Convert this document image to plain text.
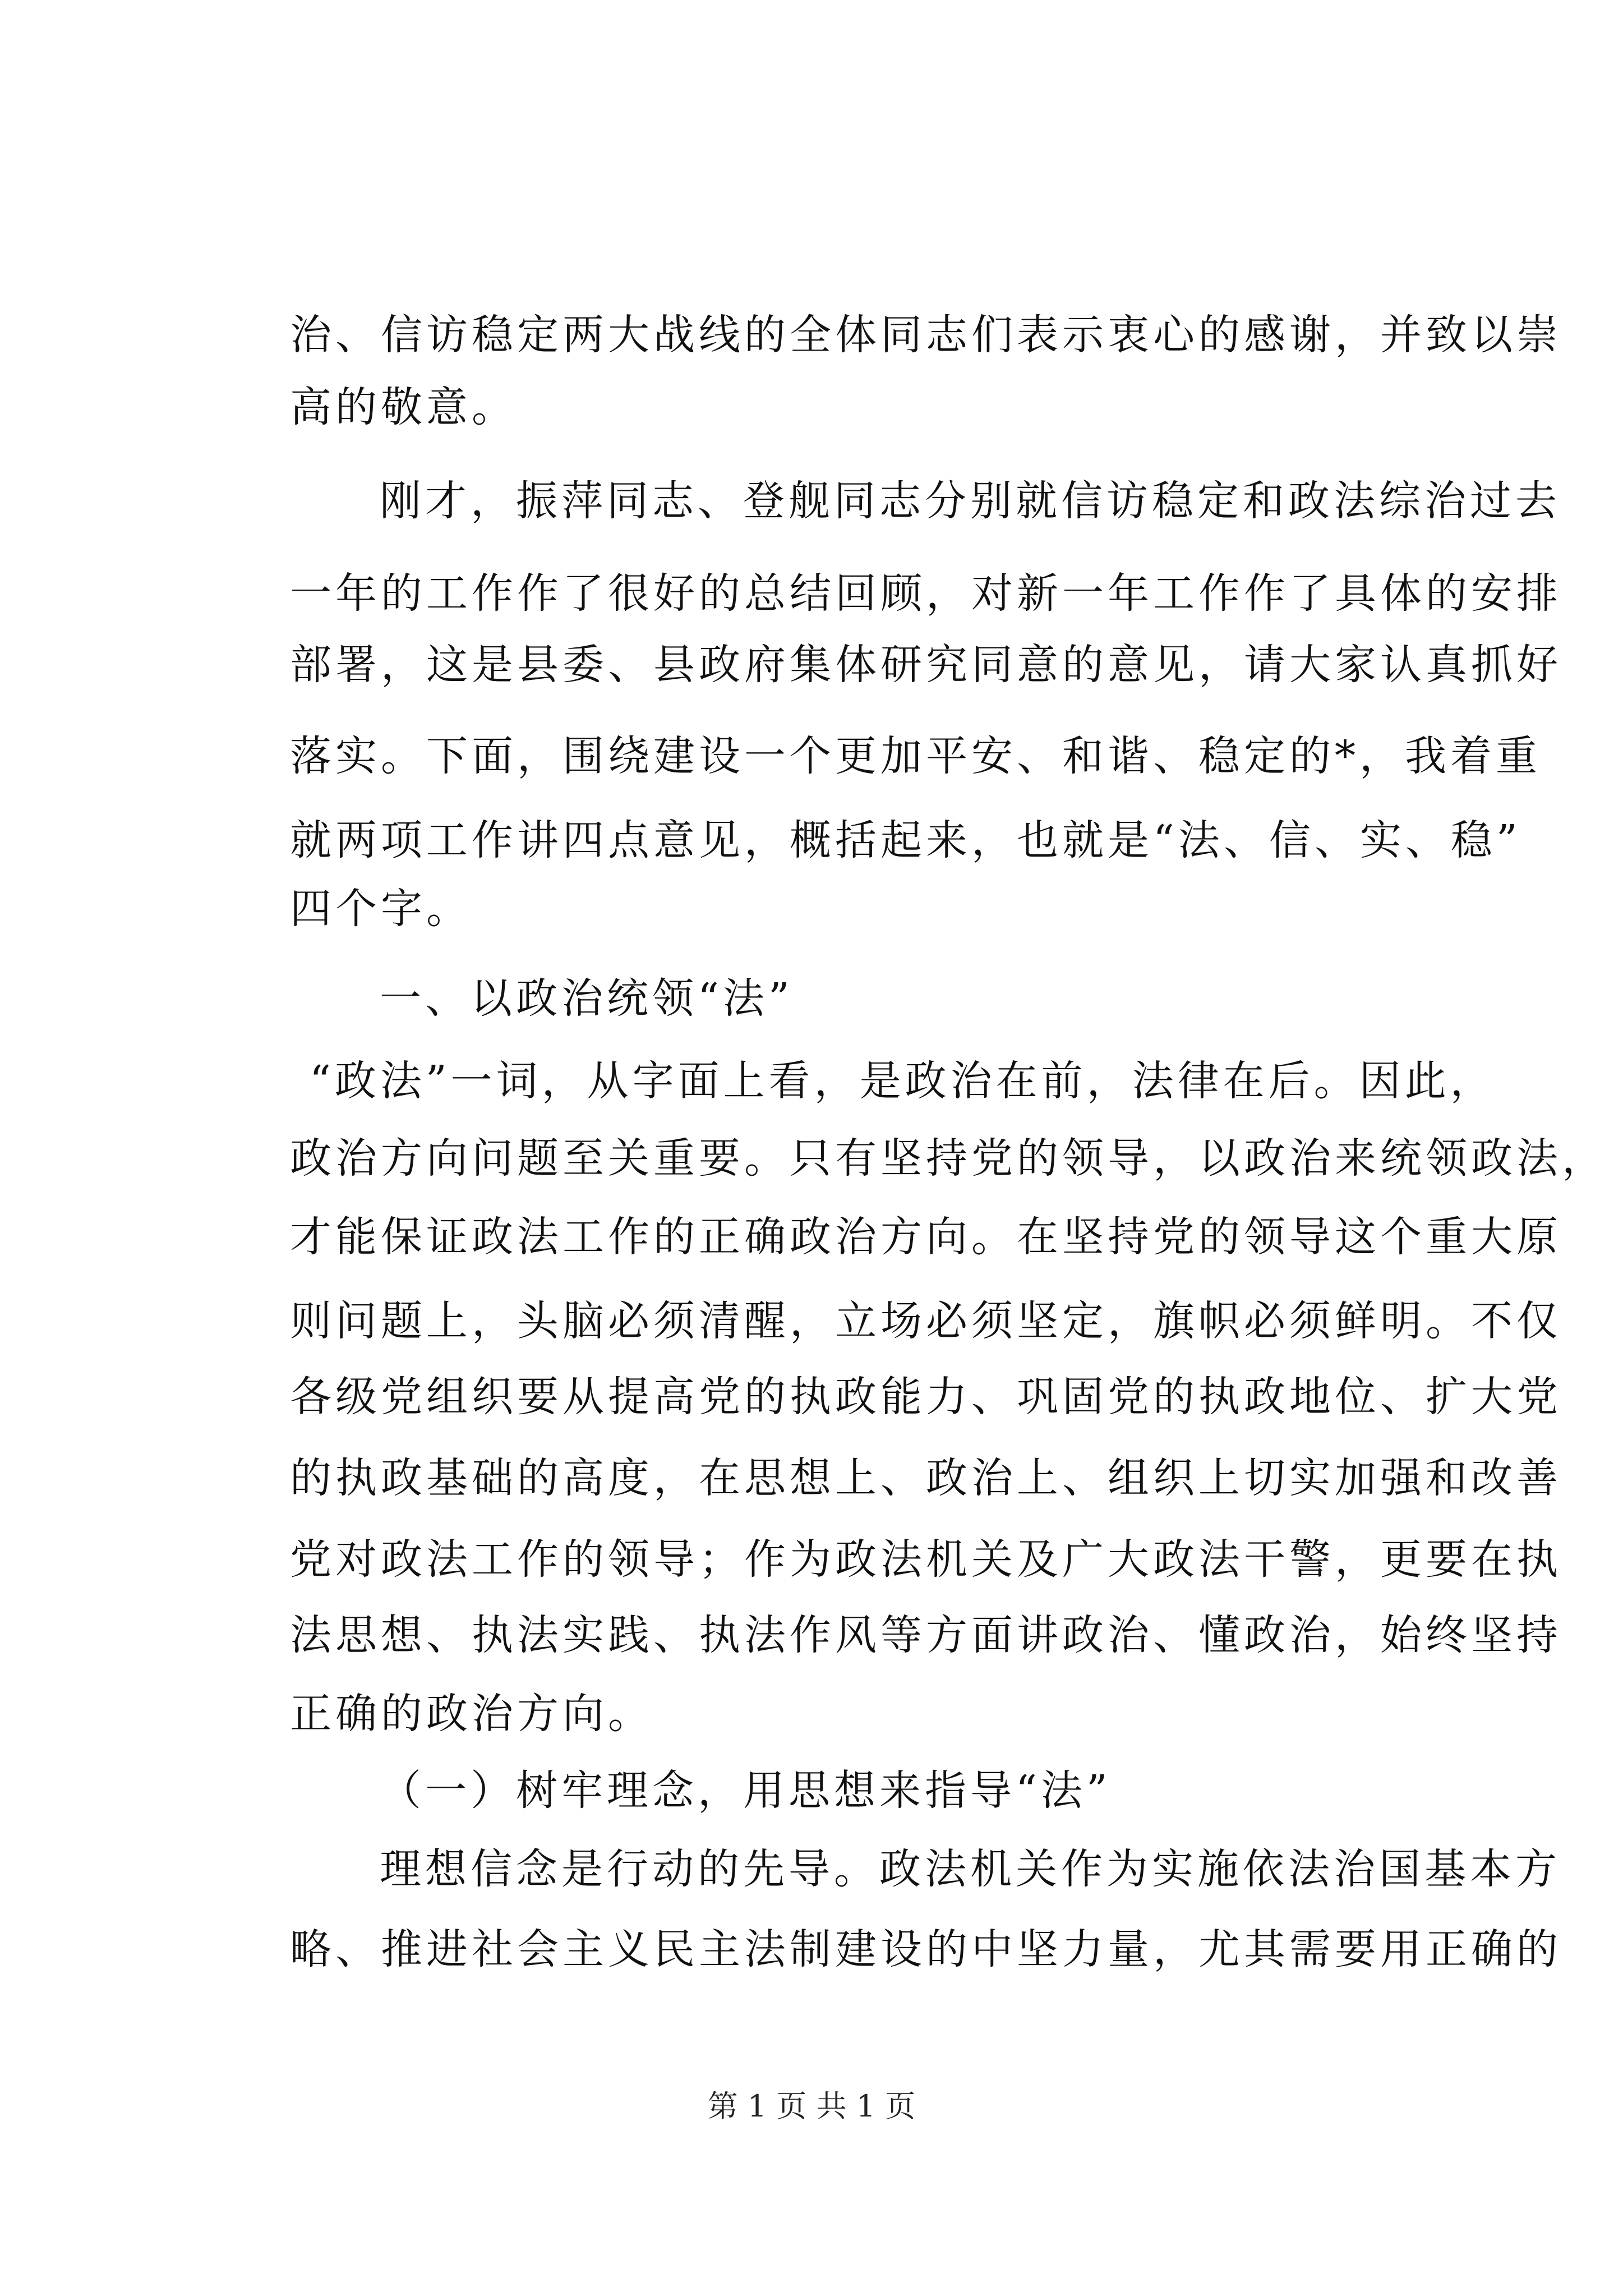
治、信访稳定两大战线的全体同志们表示衷心的感谢，并致以崇
高的敬意。
刚才，振萍同志、登舰同志分别就信访稳定和政法综治过去
一年的工作作了很好的总结回顾，对新一年工作作了具体的安排
部署，这是县委、县政府集体研究同意的意见，请大家认真抓好
落实。下面，围绕建设一个更加平安、和谐、稳定的*，我着重
就两项工作讲四点意见，概括起来，也就是“法、信、实、稳”
四个字。
一、以政治统领“法”
“政法”一词，从字面上看，是政治在前，法律在后。因此，
政治方向问题至关重要。只有坚持党的领导，以政治来统领政法，
才能保证政法工作的正确政治方向。在坚持党的领导这个重大原
则问题上，头脑必须清醒，立场必须坚定，旗帜必须鲜明。不仅
各级党组织要从提高党的执政能力、巩固党的执政地位、扩大党
的执政基础的高度，在思想上、政治上、组织上切实加强和改善
党对政法工作的领导；作为政法机关及广大政法干警，更要在执
法思想、执法实践、执法作风等方面讲政治、懂政治，始终坚持
正确的政治方向。
（一）树牢理念，用思想来指导“法”
理想信念是行动的先导。政法机关作为实施依法治国基本方
略、推进社会主义民主法制建设的中坚力量，尤其需要用正确的
第 1 页 共 1 页
